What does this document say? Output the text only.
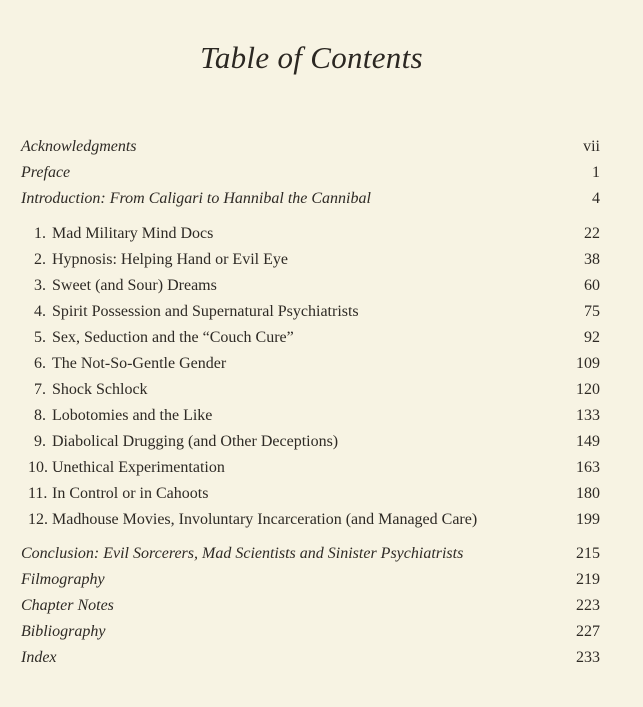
Table of Contents
Acknowledgments	vii
Preface	1
Introduction: From Caligari to Hannibal the Cannibal	4
1. Mad Military Mind Docs	22
2. Hypnosis: Helping Hand or Evil Eye	38
3. Sweet (and Sour) Dreams	60
4. Spirit Possession and Supernatural Psychiatrists	75
5. Sex, Seduction and the “Couch Cure”	92
6. The Not-So-Gentle Gender	109
7. Shock Schlock	120
8. Lobotomies and the Like	133
9. Diabolical Drugging (and Other Deceptions)	149
10. Unethical Experimentation	163
11. In Control or in Cahoots	180
12. Madhouse Movies, Involuntary Incarceration (and Managed Care)	199
Conclusion: Evil Sorcerers, Mad Scientists and Sinister Psychiatrists	215
Filmography	219
Chapter Notes	223
Bibliography	227
Index	233
